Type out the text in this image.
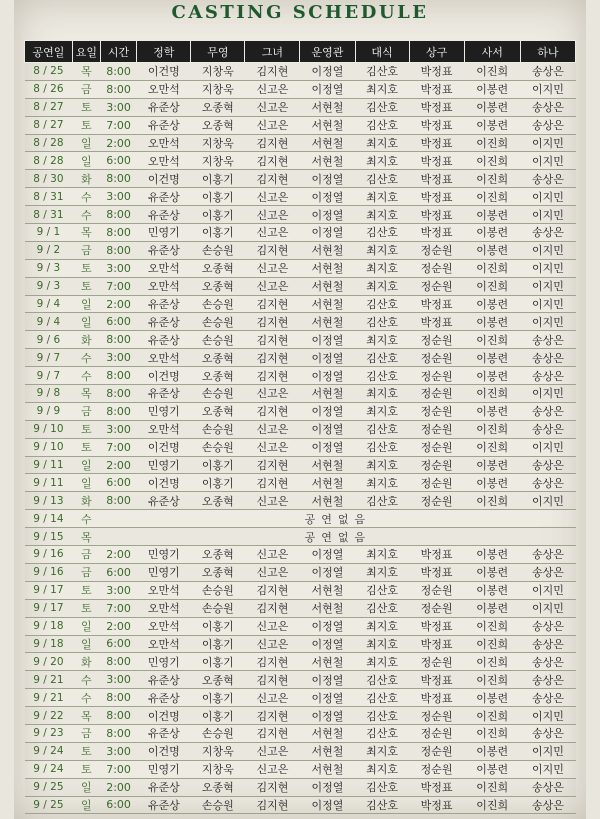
CASTING SCHEDULE
공연일	요일	시간	정학	무영	그녀	운영관	대식	상구	사서	하나
8 / 25	목	8:00	이건명	지창욱	김지현	이정열	김산호	박정표	이진희	송상은
8 / 26	금	8:00	오만석	지창욱	신고은	이정열	최지호	박정표	이봉련	이지민
8 / 27	토	3:00	유준상	오종혁	신고은	서현철	김산호	박정표	이봉련	송상은
8 / 27	토	7:00	유준상	오종혁	신고은	서현철	김산호	박정표	이봉련	송상은
8 / 28	일	2:00	오만석	지창욱	김지현	서현철	최지호	박정표	이진희	이지민
8 / 28	일	6:00	오만석	지창욱	김지현	서현철	최지호	박정표	이진희	이지민
8 / 30	화	8:00	이건명	이홍기	김지현	이정열	김산호	박정표	이진희	송상은
8 / 31	수	3:00	유준상	이홍기	신고은	이정열	최지호	박정표	이진희	이지민
8 / 31	수	8:00	유준상	이홍기	신고은	이정열	최지호	박정표	이봉련	이지민
9 / 1	목	8:00	민영기	이홍기	신고은	이정열	김산호	박정표	이봉련	송상은
9 / 2	금	8:00	유준상	손승원	김지현	서현철	최지호	정순원	이봉련	이지민
9 / 3	토	3:00	오만석	오종혁	신고은	서현철	최지호	정순원	이진희	이지민
9 / 3	토	7:00	오만석	오종혁	신고은	서현철	최지호	정순원	이진희	이지민
9 / 4	일	2:00	유준상	손승원	김지현	서현철	김산호	박정표	이봉련	이지민
9 / 4	일	6:00	유준상	손승원	김지현	서현철	김산호	박정표	이봉련	이지민
9 / 6	화	8:00	유준상	손승원	김지현	이정열	최지호	정순원	이진희	송상은
9 / 7	수	3:00	오만석	오종혁	김지현	이정열	김산호	정순원	이봉련	송상은
9 / 7	수	8:00	이건명	오종혁	김지현	이정열	김산호	정순원	이봉련	송상은
9 / 8	목	8:00	유준상	손승원	신고은	서현철	최지호	정순원	이진희	이지민
9 / 9	금	8:00	민영기	오종혁	김지현	이정열	최지호	정순원	이봉련	송상은
9 / 10	토	3:00	오만석	손승원	신고은	이정열	김산호	정순원	이진희	송상은
9 / 10	토	7:00	이건명	손승원	신고은	이정열	김산호	정순원	이진희	이지민
9 / 11	일	2:00	민영기	이홍기	김지현	서현철	최지호	정순원	이봉련	송상은
9 / 11	일	6:00	이건명	이홍기	김지현	서현철	최지호	정순원	이봉련	송상은
9 / 13	화	8:00	유준상	오종혁	신고은	서현철	김산호	정순원	이진희	이지민
9 / 14	수	공연없음								
9 / 15	목	공연없음								
9 / 16	금	2:00	민영기	오종혁	신고은	이정열	최지호	박정표	이봉련	송상은
9 / 16	금	6:00	민영기	오종혁	신고은	이정열	최지호	박정표	이봉련	송상은
9 / 17	토	3:00	오만석	손승원	김지현	서현철	김산호	정순원	이봉련	이지민
9 / 17	토	7:00	오만석	손승원	김지현	서현철	김산호	정순원	이봉련	이지민
9 / 18	일	2:00	오만석	이홍기	신고은	이정열	최지호	박정표	이진희	송상은
9 / 18	일	6:00	오만석	이홍기	신고은	이정열	최지호	박정표	이진희	송상은
9 / 20	화	8:00	민영기	이홍기	김지현	서현철	최지호	정순원	이진희	송상은
9 / 21	수	3:00	유준상	오종혁	김지현	이정열	김산호	박정표	이진희	송상은
9 / 21	수	8:00	유준상	이홍기	신고은	이정열	김산호	박정표	이봉련	송상은
9 / 22	목	8:00	이건명	이홍기	김지현	이정열	김산호	정순원	이진희	이지민
9 / 23	금	8:00	유준상	손승원	김지현	서현철	김산호	정순원	이진희	송상은
9 / 24	토	3:00	이건명	지창욱	신고은	서현철	최지호	정순원	이봉련	이지민
9 / 24	토	7:00	민영기	지창욱	신고은	서현철	최지호	정순원	이봉련	이지민
9 / 25	일	2:00	유준상	오종혁	김지현	이정열	김산호	박정표	이진희	송상은
9 / 25	일	6:00	유준상	손승원	김지현	이정열	김산호	박정표	이진희	송상은
